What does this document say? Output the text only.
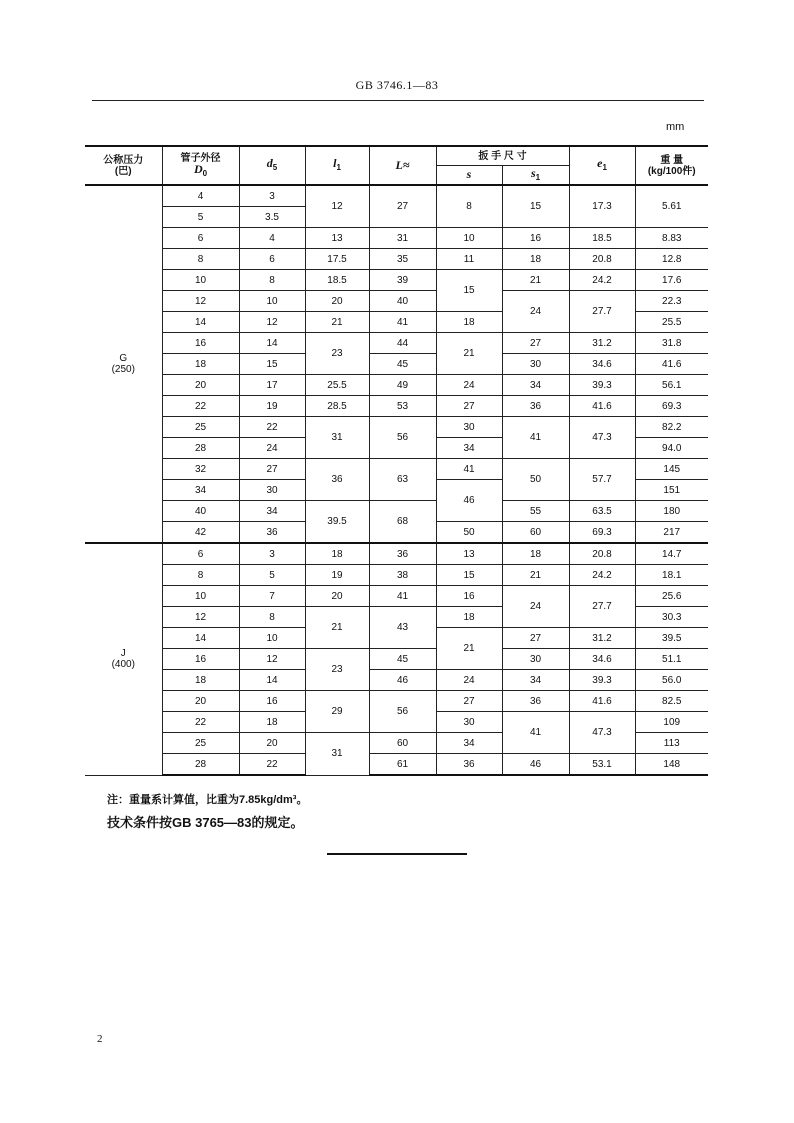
GB 3746.1—83
mm
公称压力
(巴)	管子外径
$D_0$	$d_5$	$l_1$	L≈	扳 手 尺 寸		$e_1$	重 量
(kg/100件)
					s	$s_1$
G
(250)	4	3	12	27	8	15	17.3	5.61
	5	3.5						
	6	4	13	31	10	16	18.5	8.83
	8	6	17.5	35	11	18	20.8	12.8
	10	8	18.5	39	15	21	24.2	17.6
	12	10	20	40		24	27.7	22.3
	14	12	21	41	18			25.5
	16	14	23	44	21	27	31.2	31.8
	18	15		45		30	34.6	41.6
	20	17	25.5	49	24	34	39.3	56.1
	22	19	28.5	53	27	36	41.6	69.3
	25	22	31	56	30	41	47.3	82.2
	28	24			34			94.0
	32	27	36	63	41	50	57.7	145
	34	30			46			151
	40	34	39.5	68		55	63.5	180
	42	36			50	60	69.3	217
J
(400)	6	3	18	36	13	18	20.8	14.7
	8	5	19	38	15	21	24.2	18.1
	10	7	20	41	16	24	27.7	25.6
	12	8	21	43	18			30.3
	14	10			21	27	31.2	39.5
	16	12	23	45		30	34.6	51.1
	18	14		46	24	34	39.3	56.0
	20	16	29	56	27	36	41.6	82.5
	22	18			30	41	47.3	109
	25	20	31	60	34			113
	28	22		61	36	46	53.1	148
注：重量系计算值，比重为7.85kg/dm³。
技术条件按GB 3765—83的规定。
2
